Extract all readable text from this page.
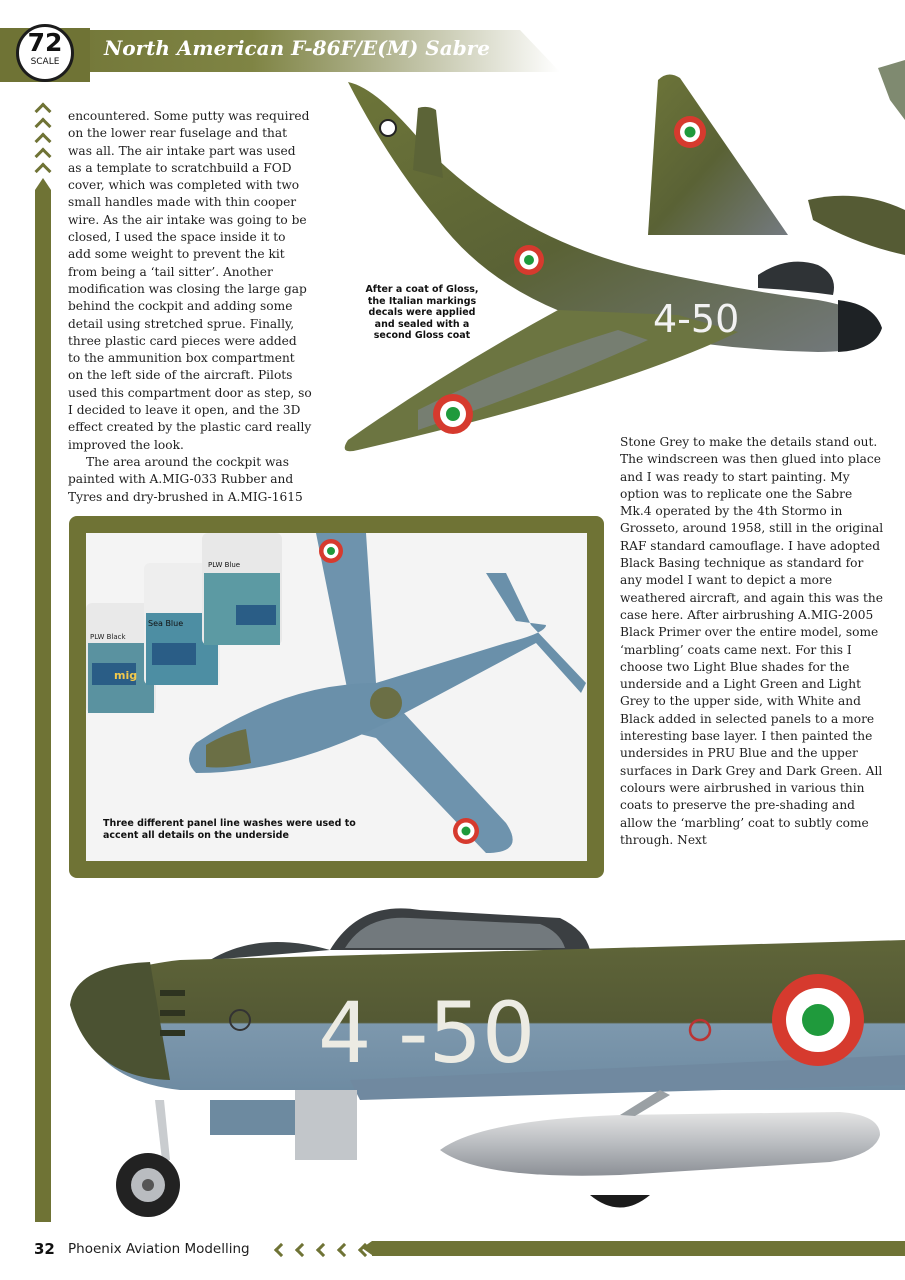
72
SCALE
North American F-86F/E(M) Sabre

encountered. Some putty was required on the lower rear fuselage and that was all. The air intake part was used as a template to scratchbuild a FOD cover, which was completed with two small handles made with thin cooper wire. As the air intake was going to be closed, I used the space inside it to add some weight to prevent the kit from being a ‘tail sitter’. Another modification was closing the large gap behind the cockpit and adding some detail using stretched sprue. Finally, three plastic card pieces were added to the ammunition box compartment on the left side of the aircraft. Pilots used this compartment door as step, so I decided to leave it open, and the 3D effect created by the plastic card really improved the look.

The area around the cockpit was painted with A.MIG-033 Rubber and Tyres and dry-brushed in A.MIG-1615

4-50
After a coat of Gloss, the Italian markings decals were applied and sealed with a second Gloss coat
Stone Grey to make the details stand out. The windscreen was then glued into place and I was ready to start painting. My option was to replicate one the Sabre Mk.4 operated by the 4th Stormo in Grosseto, around 1958, still in the original RAF standard camouflage. I have adopted Black Basing technique as standard for any model I want to depict a more weathered aircraft, and again this was the case here. After airbrushing A.MIG-2005 Black Primer over the entire model, some ‘marbling’ coats came next. For this I choose two Light Blue shades for the underside and a Light Green and Light Grey to the upper side, with White and Black added in selected panels to a more interesting base layer. I then painted the undersides in PRU Blue and the upper surfaces in Dark Grey and Dark Green. All colours were airbrushed in various thin coats to preserve the pre-shading and allow the ‘marbling’ coat to subtly come through. Next
mig
PLW Black
Sea Blue
PLW Blue
Three different panel line washes were used to accent all details on the underside
4 -50
32 Phoenix Aviation Modelling
